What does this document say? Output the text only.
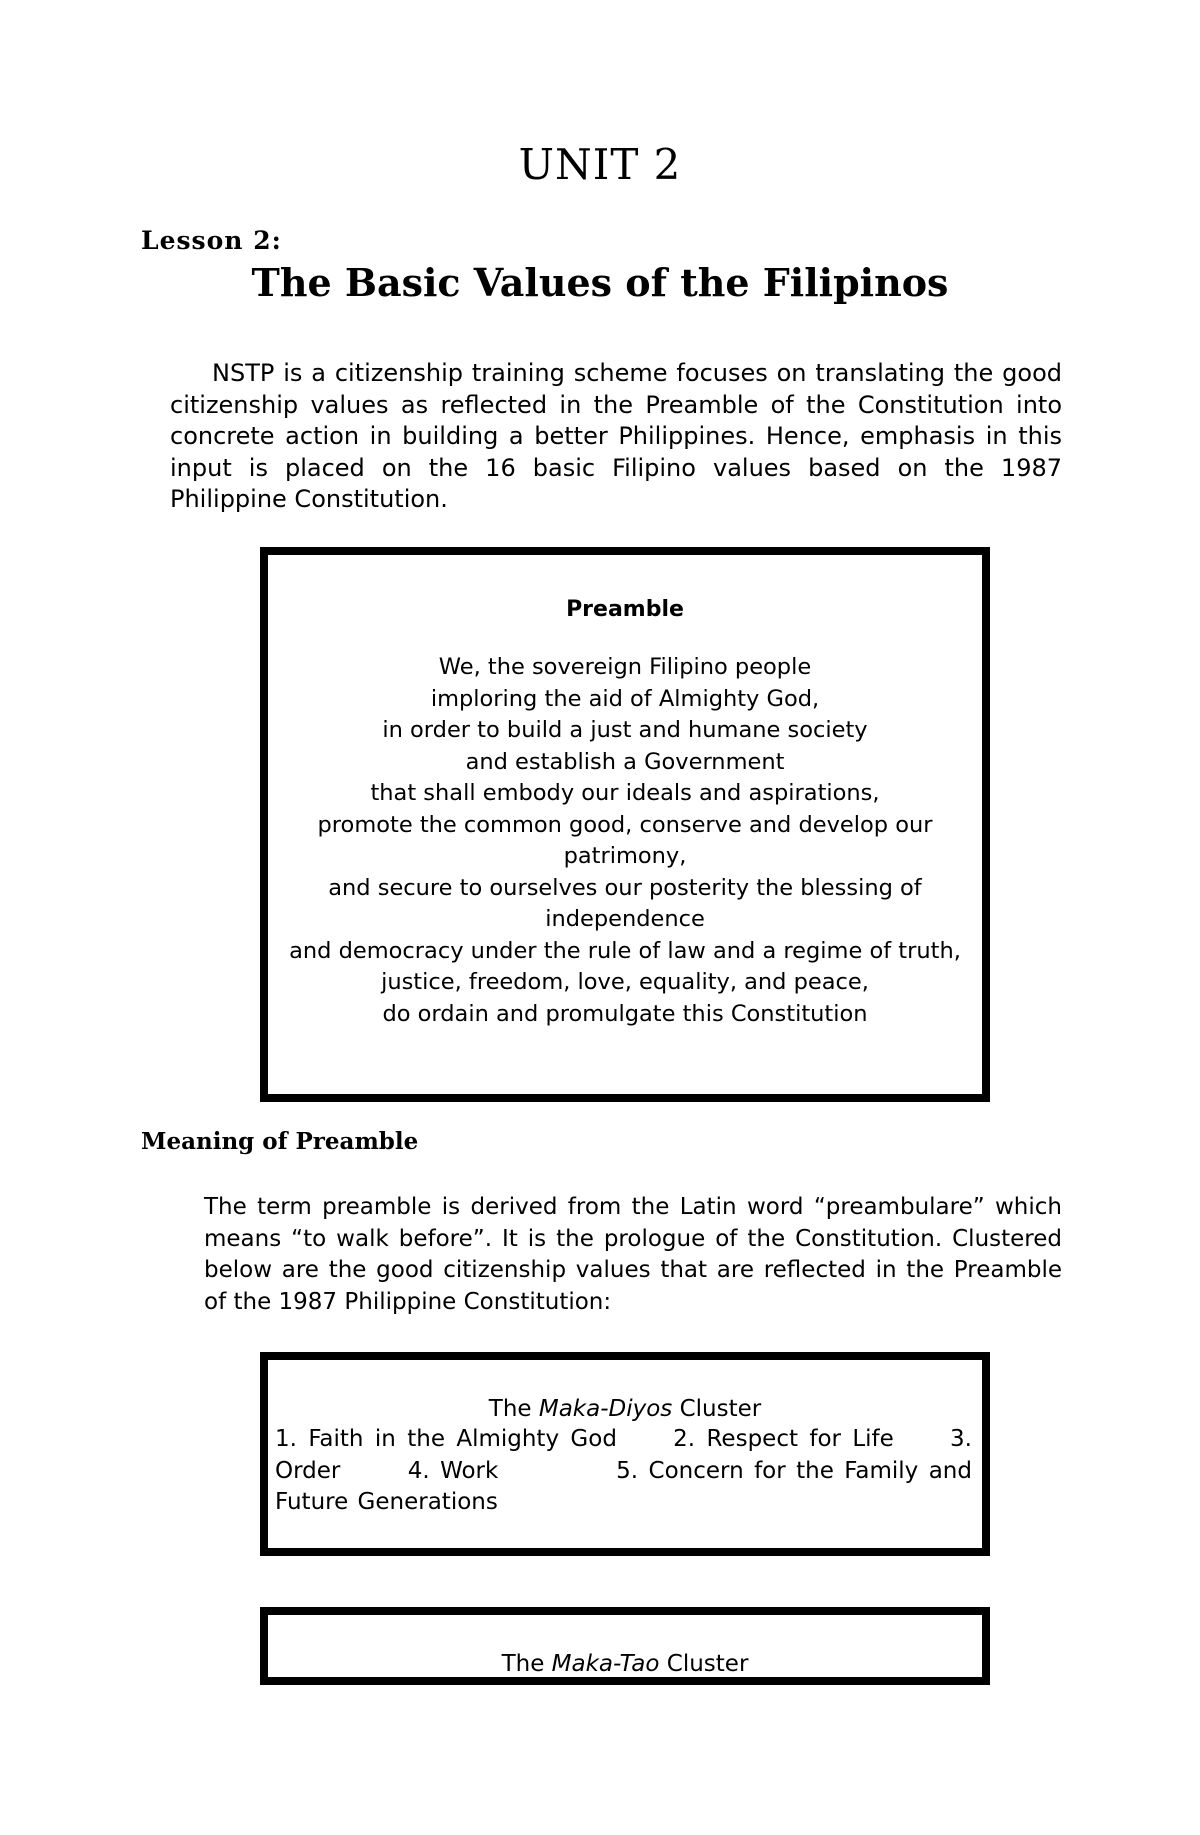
UNIT 2

Lesson 2:

The Basic Values of the Filipinos

NSTP is a citizenship training scheme focuses on translating the good citizenship values as reflected in the Preamble of the Constitution into concrete action in building a better Philippines. Hence, emphasis in this input is placed on the 16 basic Filipino values based on the 1987 Philippine Constitution.

Preamble

We, the sovereign Filipino people
imploring the aid of Almighty God,
in order to build a just and humane society
and establish a Government
that shall embody our ideals and aspirations,
promote the common good, conserve and develop our patrimony,
and secure to ourselves our posterity the blessing of independence
and democracy under the rule of law and a regime of truth,
justice, freedom, love, equality, and peace,
do ordain and promulgate this Constitution

Meaning of Preamble

The term preamble is derived from the Latin word “preambulare” which means “to walk before”. It is the prologue of the Constitution. Clustered below are the good citizenship values that are reflected in the Preamble of the 1987 Philippine Constitution:

The Maka-Diyos Cluster

1. Faith in the Almighty God 2. Respect for Life 3. Order	4. Work	5. Concern for the Family and Future Generations

The Maka-Tao Cluster
